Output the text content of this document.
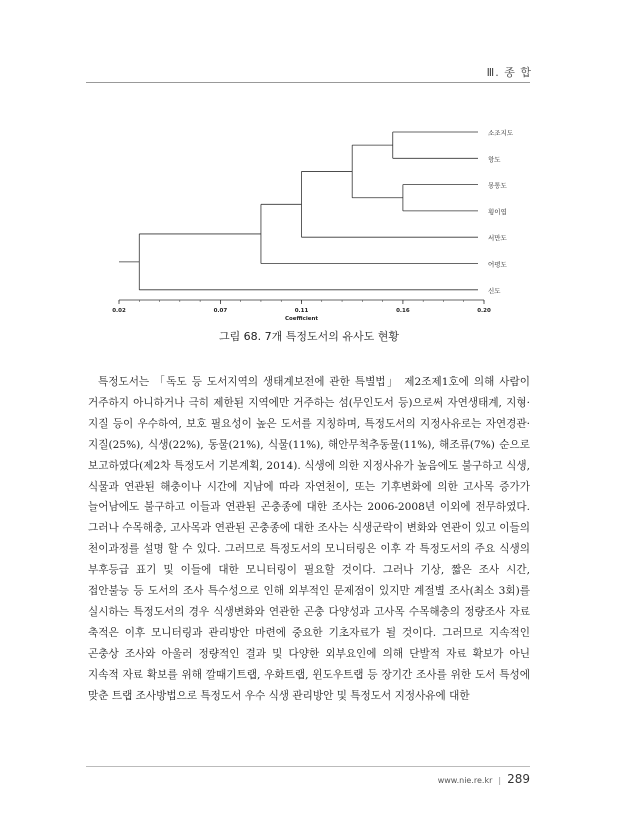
Ⅲ. 종 합
소조지도
항도
몽통도
횡이엽
서만도
어평도
신도
0.02	0.07	0.11	0.16	0.20
Coefficient
그림 68. 7개 특정도서의 유사도 현황

특정도서는 「독도 등 도서지역의 생태계보전에 관한 특별법」 제2조제1호에 의해 사람이 거주하지 아니하거나 극히 제한된 지역에만 거주하는 섬(무인도서 등)으로써 자연생태계, 지형·지질 등이 우수하여, 보호 필요성이 높은 도서를 지칭하며, 특정도서의 지정사유로는 자연경관·지질(25%), 식생(22%), 동물(21%), 식물(11%), 해안무척추동물(11%), 해조류(7%) 순으로 보고하였다(제2차 특정도서 기본계획, 2014). 식생에 의한 지정사유가 높음에도 불구하고 식생, 식물과 연관된 해충이나 시간에 지남에 따라 자연천이, 또는 기후변화에 의한 고사목 증가가 늘어남에도 불구하고 이들과 연관된 곤충종에 대한 조사는 2006-2008년 이외에 전무하였다. 그러나 수목해충, 고사목과 연관된 곤충종에 대한 조사는 식생군락이 변화와 연관이 있고 이들의 천이과정를 설명 할 수 있다. 그러므로 특정도서의 모니터링은 이후 각 특정도서의 주요 식생의 부후등급 표기 및 이들에 대한 모니터링이 필요할 것이다. 그러나 기상, 짧은 조사 시간, 접안불능 등 도서의 조사 특수성으로 인해 외부적인 문제점이 있지만 계절별 조사(최소 3회)를 실시하는 특정도서의 경우 식생변화와 연관한 곤충 다양성과 고사목 수목해충의 정량조사 자료 축적은 이후 모니터링과 관리방안 마련에 중요한 기초자료가 될 것이다. 그러므로 지속적인 곤충상 조사와 아울러 정량적인 결과 및 다양한 외부요인에 의해 단발적 자료 확보가 아닌 지속적 자료 확보를 위해 깔때기트랩, 우화트랩, 윈도우트랩 등 장기간 조사를 위한 도서 특성에 맞춘 트랩 조사방법으로 특정도서 우수 식생 관리방안 및 특정도서 지정사유에 대한

www.nie.re.kr | 289
